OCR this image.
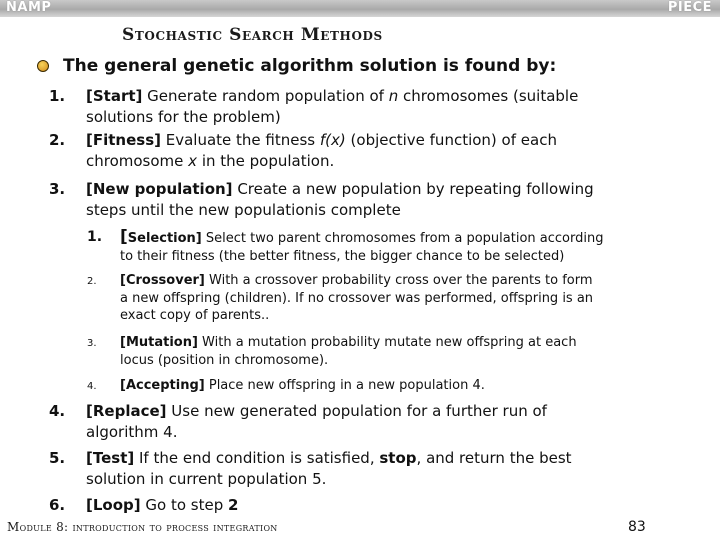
NAMP	PIECE
Stochastic Search Methods
The general genetic algorithm solution is found by:
1. [Start] Generate random population of n chromosomes (suitable
solutions for the problem)
2. [Fitness] Evaluate the fitness f(x) (objective function) of each
chromosome x in the population.
3. [New population] Create a new population by repeating following
steps until the new populationis complete
1. [Selection] Select two parent chromosomes from a population according
to their fitness (the better fitness, the bigger chance to be selected)
2. [Crossover] With a crossover probability cross over the parents to form
a new offspring (children). If no crossover was performed, offspring is an
exact copy of parents..
3. [Mutation] With a mutation probability mutate new offspring at each
locus (position in chromosome).
4. [Accepting] Place new offspring in a new population 4.
4. [Replace] Use new generated population for a further run of
algorithm 4.
5. [Test] If the end condition is satisfied, stop, and return the best
solution in current population 5.
6. [Loop] Go to step 2
Module 8: introduction to process integration	83
